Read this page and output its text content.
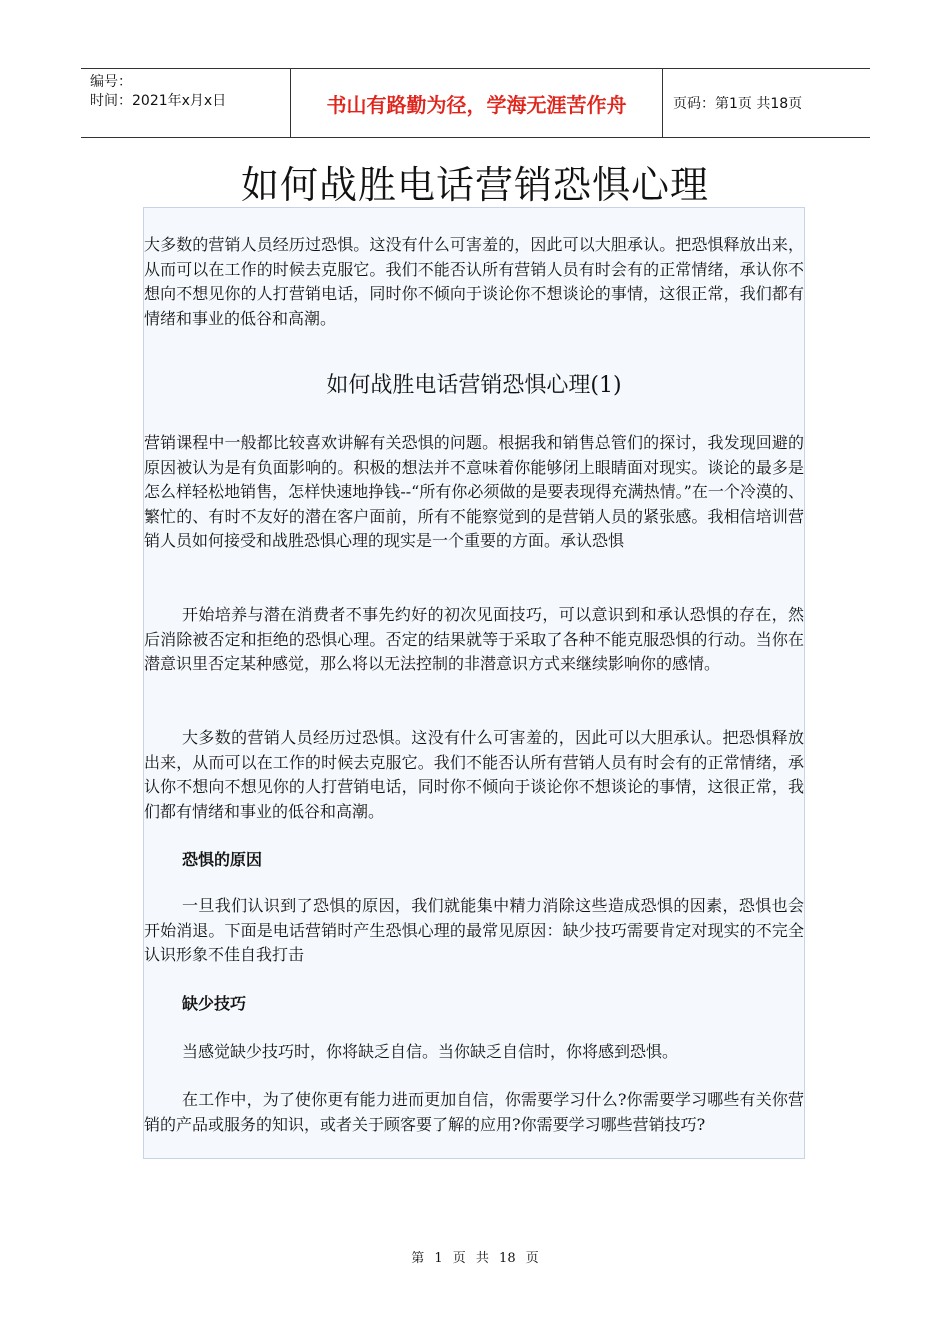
编号：
时间：2021年x月x日	书山有路勤为径，学海无涯苦作舟	页码：第1页 共18页
如何战胜电话营销恐惧心理

大多数的营销人员经历过恐惧。这没有什么可害羞的，因此可以大胆承认。把恐惧释放出来，从而可以在工作的时候去克服它。我们不能否认所有营销人员有时会有的正常情绪，承认你不想向不想见你的人打营销电话，同时你不倾向于谈论你不想谈论的事情，这很正常，我们都有情绪和事业的低谷和高潮。

如何战胜电话营销恐惧心理(1)

营销课程中一般都比较喜欢讲解有关恐惧的问题。根据我和销售总管们的探讨，我发现回避的原因被认为是有负面影响的。积极的想法并不意味着你能够闭上眼睛面对现实。谈论的最多是怎么样轻松地销售，怎样快速地挣钱--“所有你必须做的是要表现得充满热情。”在一个冷漠的、繁忙的、有时不友好的潜在客户面前，所有不能察觉到的是营销人员的紧张感。我相信培训营销人员如何接受和战胜恐惧心理的现实是一个重要的方面。承认恐惧

开始培养与潜在消费者不事先约好的初次见面技巧，可以意识到和承认恐惧的存在，然后消除被否定和拒绝的恐惧心理。否定的结果就等于采取了各种不能克服恐惧的行动。当你在潜意识里否定某种感觉，那么将以无法控制的非潜意识方式来继续影响你的感情。

大多数的营销人员经历过恐惧。这没有什么可害羞的，因此可以大胆承认。把恐惧释放出来，从而可以在工作的时候去克服它。我们不能否认所有营销人员有时会有的正常情绪，承认你不想向不想见你的人打营销电话，同时你不倾向于谈论你不想谈论的事情，这很正常，我们都有情绪和事业的低谷和高潮。

恐惧的原因

一旦我们认识到了恐惧的原因，我们就能集中精力消除这些造成恐惧的因素，恐惧也会开始消退。下面是电话营销时产生恐惧心理的最常见原因：缺少技巧需要肯定对现实的不完全认识形象不佳自我打击

缺少技巧

当感觉缺少技巧时，你将缺乏自信。当你缺乏自信时，你将感到恐惧。

在工作中，为了使你更有能力进而更加自信，你需要学习什么?你需要学习哪些有关你营销的产品或服务的知识，或者关于顾客要了解的应用?你需要学习哪些营销技巧?

第 1 页 共 18 页
